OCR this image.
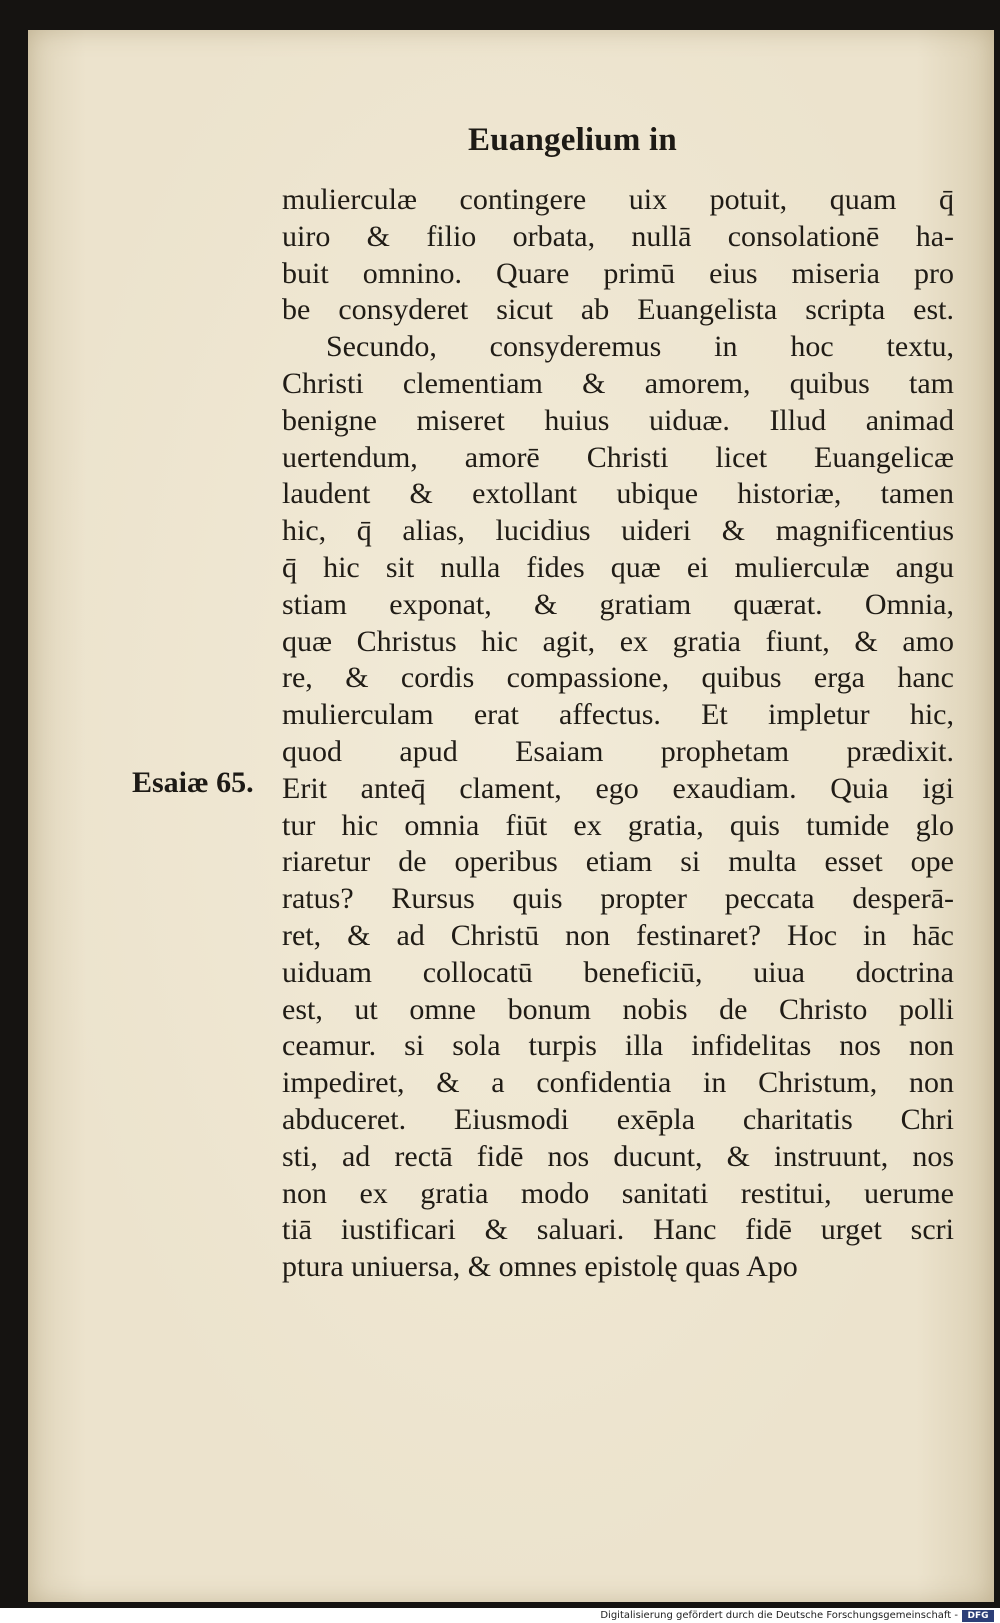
Euangelium in
Esaiæ 65.
mulierculæ contingere uix potuit, quam q̄
uiro & filio orbata, nullā consolationē ha-
buit omnino. Quare primū eius miseria pro
be consyderet sicut ab Euangelista scripta est.
Secundo, consyderemus in hoc textu,
Christi clementiam & amorem, quibus tam
benigne miseret huius uiduæ. Illud animad
uertendum, amorē Christi licet Euangelicæ
laudent & extollant ubique historiæ, tamen
hic, q̄ alias, lucidius uideri & magnificentius
q̄ hic sit nulla fides quæ ei mulierculæ angu
stiam exponat, & gratiam quærat. Omnia,
quæ Christus hic agit, ex gratia fiunt, & amo
re, & cordis compassione, quibus erga hanc
mulierculam erat affectus. Et impletur hic,
quod apud Esaiam prophetam prædixit.
Erit anteq̄ clament, ego exaudiam. Quia igi
tur hic omnia fiūt ex gratia, quis tumide glo
riaretur de operibus etiam si multa esset ope
ratus? Rursus quis propter peccata desperā-
ret, & ad Christū non festinaret? Hoc in hāc
uiduam collocatū beneficiū, uiua doctrina
est, ut omne bonum nobis de Christo polli
ceamur. si sola turpis illa infidelitas nos non
impediret, & a confidentia in Christum, non
abduceret. Eiusmodi exēpla charitatis Chri
sti, ad rectā fidē nos ducunt, & instruunt, nos
non ex gratia modo sanitati restitui, uerume
tiā iustificari & saluari. Hanc fidē urget scri
ptura uniuersa, & omnes epistolę quas Apo
Digitalisierung gefördert durch die Deutsche Forschungsgemeinschaft -	DFG
